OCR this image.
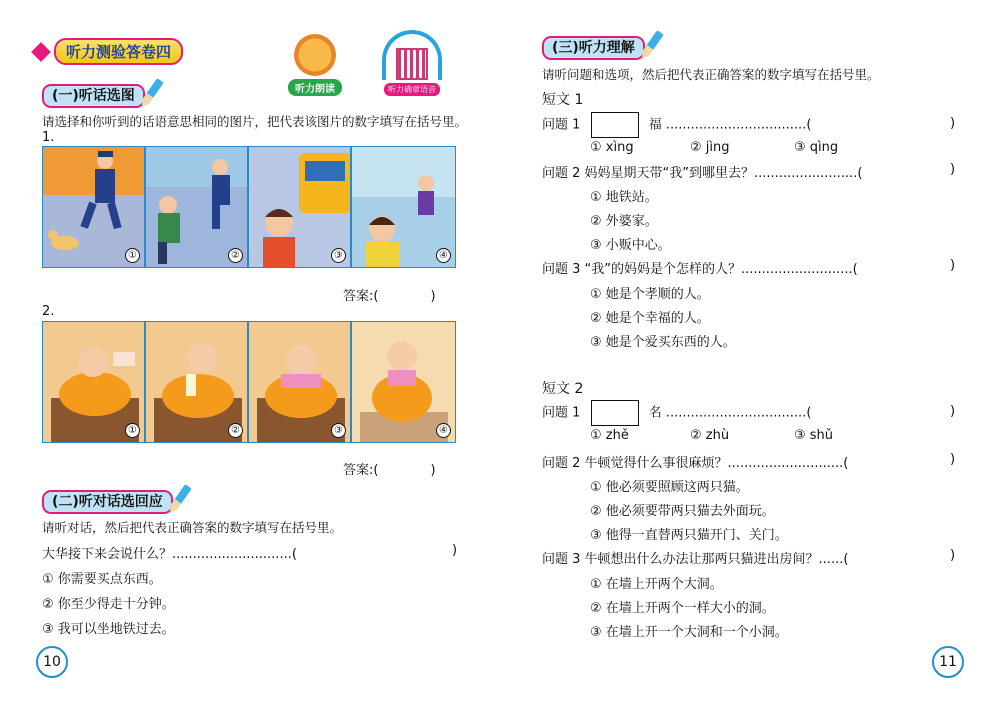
听力测验答卷四
听力朗读	听力确章语音
(一)听话选图
请选择和你听到的话语意思相同的图片，把代表该图片的数字填写在括号里。
1.
①	②	③	④
答案:(　　　　)
2.
①	②	③	④
答案:(　　　　)
(二)听对话选回应
请听对话，然后把代表正确答案的数字填写在括号里。
大华接下来会说什么？.............................(	)
① 你需要买点东西。
② 你至少得走十分钟。
③ 我可以坐地铁过去。
10
(三)听力理解
请听问题和选项，然后把代表正确答案的数字填写在括号里。
短文 1
问题 1	福 ..................................(	)
① xìng	② jìng	③ qìng
问题 2 妈妈星期天带“我”到哪里去？.........................(	)
① 地铁站。
② 外婆家。
③ 小贩中心。
问题 3 “我”的妈妈是个怎样的人？...........................(	)
① 她是个孝顺的人。
② 她是个幸福的人。
③ 她是个爱买东西的人。
短文 2
问题 1	名 ..................................(	)
① zhě	② zhù	③ shǔ
问题 2 牛顿觉得什么事很麻烦？............................(	)
① 他必须要照顾这两只猫。
② 他必须要带两只猫去外面玩。
③ 他得一直替两只猫开门、关门。
问题 3 牛顿想出什么办法让那两只猫进出房间？......(	)
① 在墙上开两个大洞。
② 在墙上开两个一样大小的洞。
③ 在墙上开一个大洞和一个小洞。
11
